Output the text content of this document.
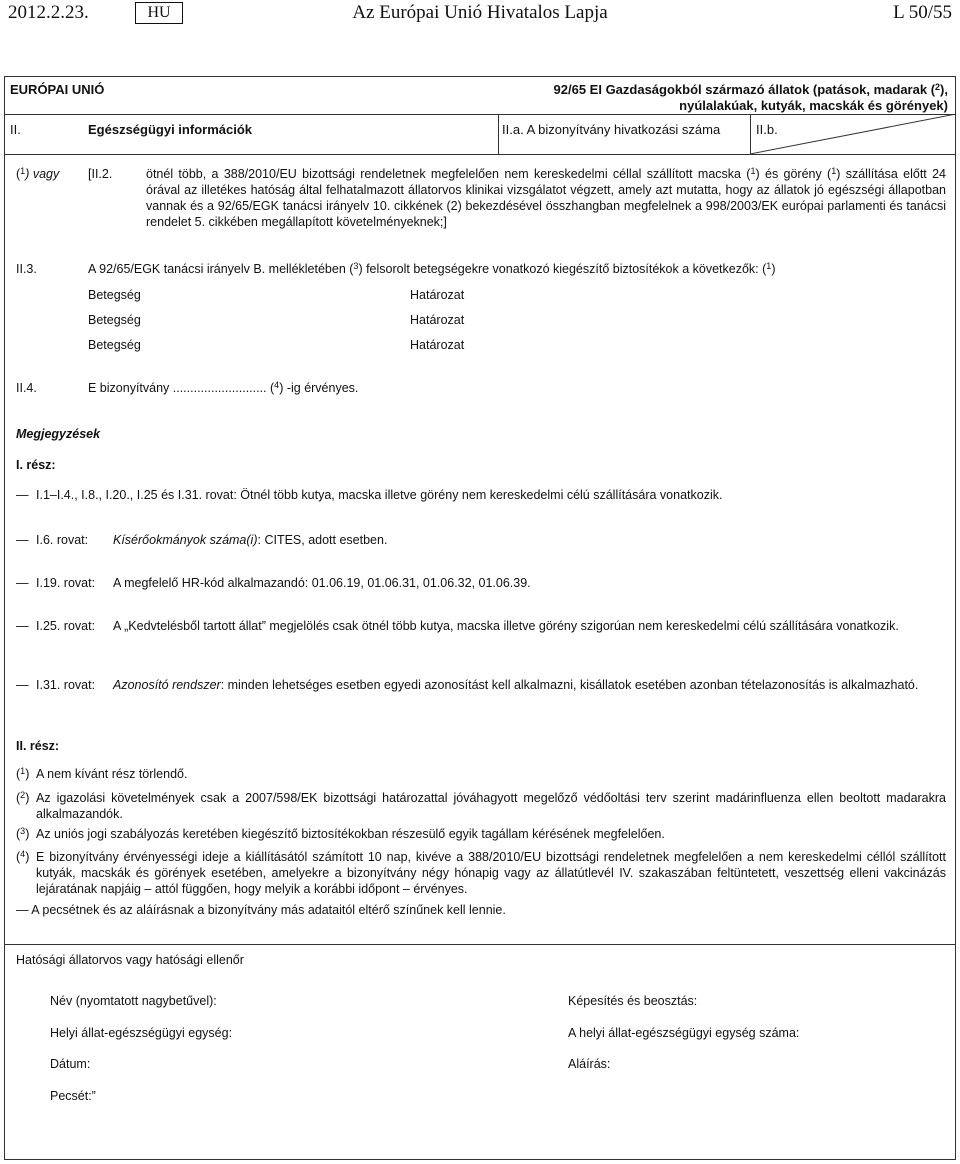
2012.2.23.	HU	Az Európai Unió Hivatalos Lapja	L 50/55
EURÓPAI UNIÓ	92/65 EI Gazdaságokból származó állatok (patások, madarak ($^2$),
nyúlalakúak, kutyák, macskák és görények)
II.	Egészségügyi információk	II.a. A bizonyítvány hivatkozási száma	II.b.
($^1$) vagy [II.2.	ötnél több, a 388/2010/EU bizottsági rendeletnek megfelelően nem kereskedelmi céllal szállított macska ($^1$) és görény ($^1$) szállítása előtt 24 órával az illetékes hatóság által felhatalmazott állatorvos klinikai vizsgálatot végzett, amely azt mutatta, hogy az állatok jó egészségi állapotban vannak és a 92/65/EGK tanácsi irányelv 10. cikkének (2) bekezdésével összhangban megfelelnek a 998/2003/EK európai parlamenti és tanácsi rendelet 5. cikkében megállapított követelményeknek;]
II.3.	A 92/65/EGK tanácsi irányelv B. mellékletében ($^3$) felsorolt betegségekre vonatkozó kiegészítő biztosítékok a következők: ($^1$)
Betegség	Határozat
Betegség	Határozat
Betegség	Határozat
II.4.	E bizonyítvány ........................... ($^4$) -ig érvényes.
Megjegyzések
I. rész:
— I.1–I.4., I.8., I.20., I.25 és I.31. rovat: Ötnél több kutya, macska illetve görény nem kereskedelmi célú szállítására vonatkozik.
— I.6. rovat: Kísérőokmányok száma(i): CITES, adott esetben.
— I.19. rovat: A megfelelő HR-kód alkalmazandó: 01.06.19, 01.06.31, 01.06.32, 01.06.39.
— I.25. rovat: A „Kedvtelésből tartott állat” megjelölés csak ötnél több kutya, macska illetve görény szigorúan nem kereskedelmi célú szállítására vonatkozik.
— I.31. rovat: Azonosító rendszer: minden lehetséges esetben egyedi azonosítást kell alkalmazni, kisállatok esetében azonban tételazonosítás is alkalmazható.
II. rész:
($^1$) A nem kívánt rész törlendő.
($^2$) Az igazolási követelmények csak a 2007/598/EK bizottsági határozattal jóváhagyott megelőző védőoltási terv szerint madárinfluenza ellen beoltott madarakra alkalmazandók.
($^3$) Az uniós jogi szabályozás keretében kiegészítő biztosítékokban részesülő egyik tagállam kérésének megfelelően.
($^4$) E bizonyítvány érvényességi ideje a kiállításától számított 10 nap, kivéve a 388/2010/EU bizottsági rendeletnek megfelelően a nem kereskedelmi céllól szállított kutyák, macskák és görények esetében, amelyekre a bizonyítvány négy hónapig vagy az állatútlevél IV. szakaszában feltüntetett, veszettség elleni vakcinázás lejáratának napjáig – attól függően, hogy melyik a korábbi időpont – érvényes.
— A pecsétnek és az aláírásnak a bizonyítvány más adataitól eltérő színűnek kell lennie.
Hatósági állatorvos vagy hatósági ellenőr
Név (nyomtatott nagybetűvel):	Képesítés és beosztás:
Helyi állat-egészségügyi egység:	A helyi állat-egészségügyi egység száma:
Dátum:	Aláírás:
Pecsét:”
